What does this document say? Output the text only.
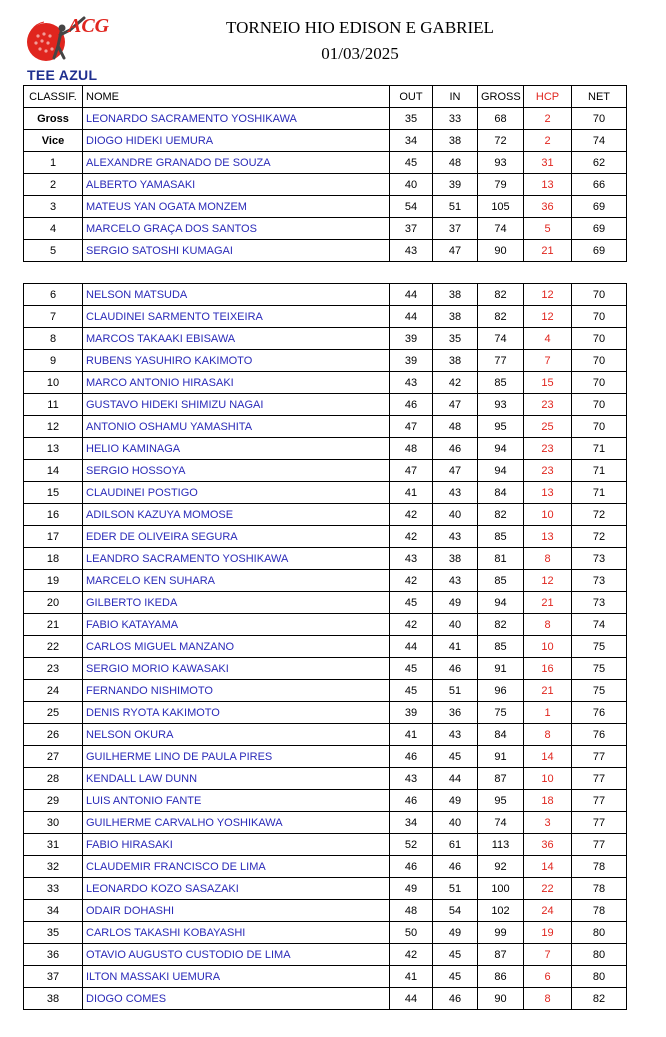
ACG	TORNEIO HIO EDISON E GABRIEL
01/03/2025
TEE AZUL
CLASSIF.	NOME	OUT	IN	GROSS	HCP	NET
Gross	LEONARDO SACRAMENTO YOSHIKAWA	35	33	68	2	70
Vice	DIOGO HIDEKI UEMURA	34	38	72	2	74
1	ALEXANDRE GRANADO DE SOUZA	45	48	93	31	62
2	ALBERTO YAMASAKI	40	39	79	13	66
3	MATEUS YAN OGATA MONZEM	54	51	105	36	69
4	MARCELO GRAÇA DOS SANTOS	37	37	74	5	69
5	SERGIO SATOSHI KUMAGAI	43	47	90	21	69
6	NELSON MATSUDA	44	38	82	12	70
7	CLAUDINEI SARMENTO TEIXEIRA	44	38	82	12	70
8	MARCOS TAKAAKI EBISAWA	39	35	74	4	70
9	RUBENS YASUHIRO KAKIMOTO	39	38	77	7	70
10	MARCO ANTONIO HIRASAKI	43	42	85	15	70
11	GUSTAVO HIDEKI SHIMIZU NAGAI	46	47	93	23	70
12	ANTONIO OSHAMU YAMASHITA	47	48	95	25	70
13	HELIO KAMINAGA	48	46	94	23	71
14	SERGIO HOSSOYA	47	47	94	23	71
15	CLAUDINEI POSTIGO	41	43	84	13	71
16	ADILSON KAZUYA MOMOSE	42	40	82	10	72
17	EDER DE OLIVEIRA SEGURA	42	43	85	13	72
18	LEANDRO SACRAMENTO YOSHIKAWA	43	38	81	8	73
19	MARCELO KEN SUHARA	42	43	85	12	73
20	GILBERTO IKEDA	45	49	94	21	73
21	FABIO KATAYAMA	42	40	82	8	74
22	CARLOS MIGUEL MANZANO	44	41	85	10	75
23	SERGIO MORIO KAWASAKI	45	46	91	16	75
24	FERNANDO NISHIMOTO	45	51	96	21	75
25	DENIS RYOTA KAKIMOTO	39	36	75	1	76
26	NELSON OKURA	41	43	84	8	76
27	GUILHERME LINO DE PAULA PIRES	46	45	91	14	77
28	KENDALL LAW DUNN	43	44	87	10	77
29	LUIS ANTONIO FANTE	46	49	95	18	77
30	GUILHERME CARVALHO YOSHIKAWA	34	40	74	3	77
31	FABIO HIRASAKI	52	61	113	36	77
32	CLAUDEMIR FRANCISCO DE LIMA	46	46	92	14	78
33	LEONARDO KOZO SASAZAKI	49	51	100	22	78
34	ODAIR DOHASHI	48	54	102	24	78
35	CARLOS TAKASHI KOBAYASHI	50	49	99	19	80
36	OTAVIO AUGUSTO CUSTODIO DE LIMA	42	45	87	7	80
37	ILTON MASSAKI UEMURA	41	45	86	6	80
38	DIOGO COMES	44	46	90	8	82
